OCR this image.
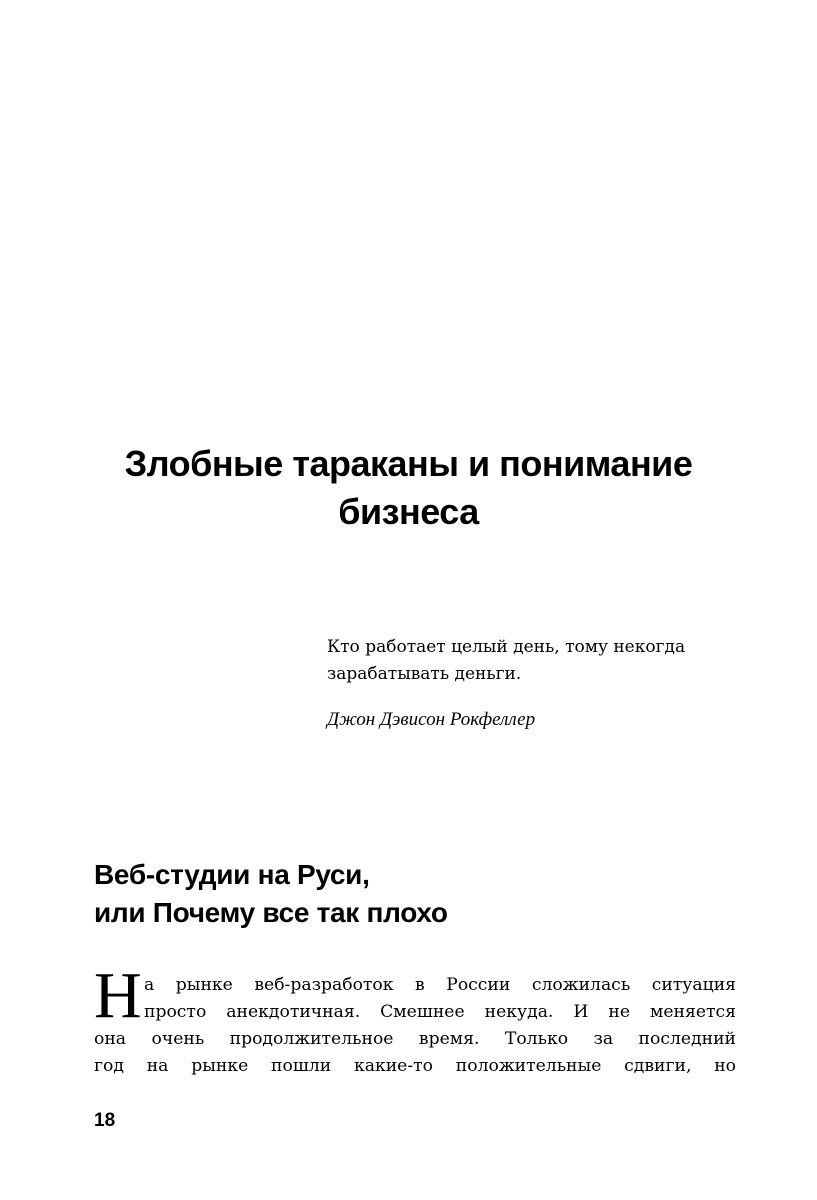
Злобные тараканы и понимание
бизнеса

Кто работает целый день, тому некогда
зарабатывать деньги.

Джон Дэвисон Рокфеллер

Веб-студии на Руси,
или Почему все так плохо
Н а рынке веб-разработок в России сложилась ситуация
просто анекдотичная. Смешнее некуда. И не меняется
она очень продолжительное время. Только за последний
год на рынке пошли какие-то положительные сдвиги, но
18
